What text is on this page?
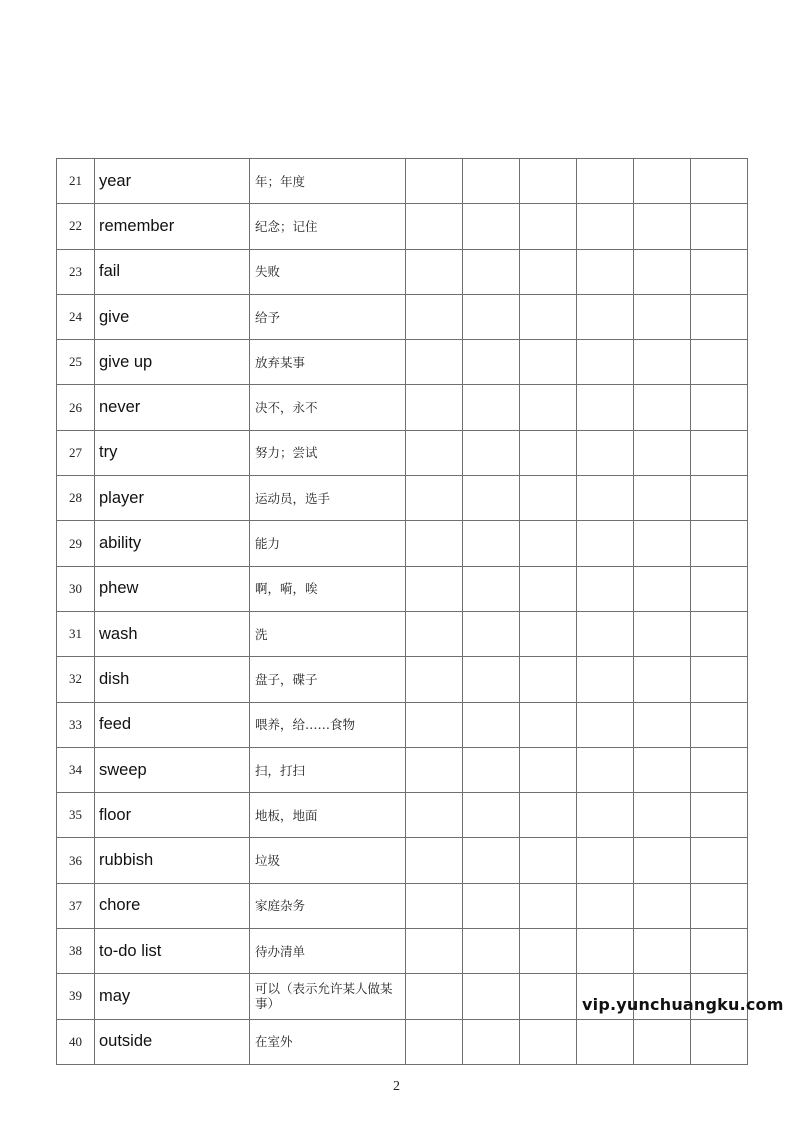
21	year	年；年度						
22	remember	纪念；记住						
23	fail	失败						
24	give	给予						
25	give up	放弃某事						
26	never	决不，永不						
27	try	努力；尝试						
28	player	运动员，选手						
29	ability	能力						
30	phew	啊，嗬，唉						
31	wash	洗						
32	dish	盘子，碟子						
33	feed	喂养，给……食物						
34	sweep	扫，打扫						
35	floor	地板，地面						
36	rubbish	垃圾						
37	chore	家庭杂务						
38	to-do list	待办清单						
39	may	可以（表示允许某人做某事）						
40	outside	在室外						
vip.yunchuangku.com
2
